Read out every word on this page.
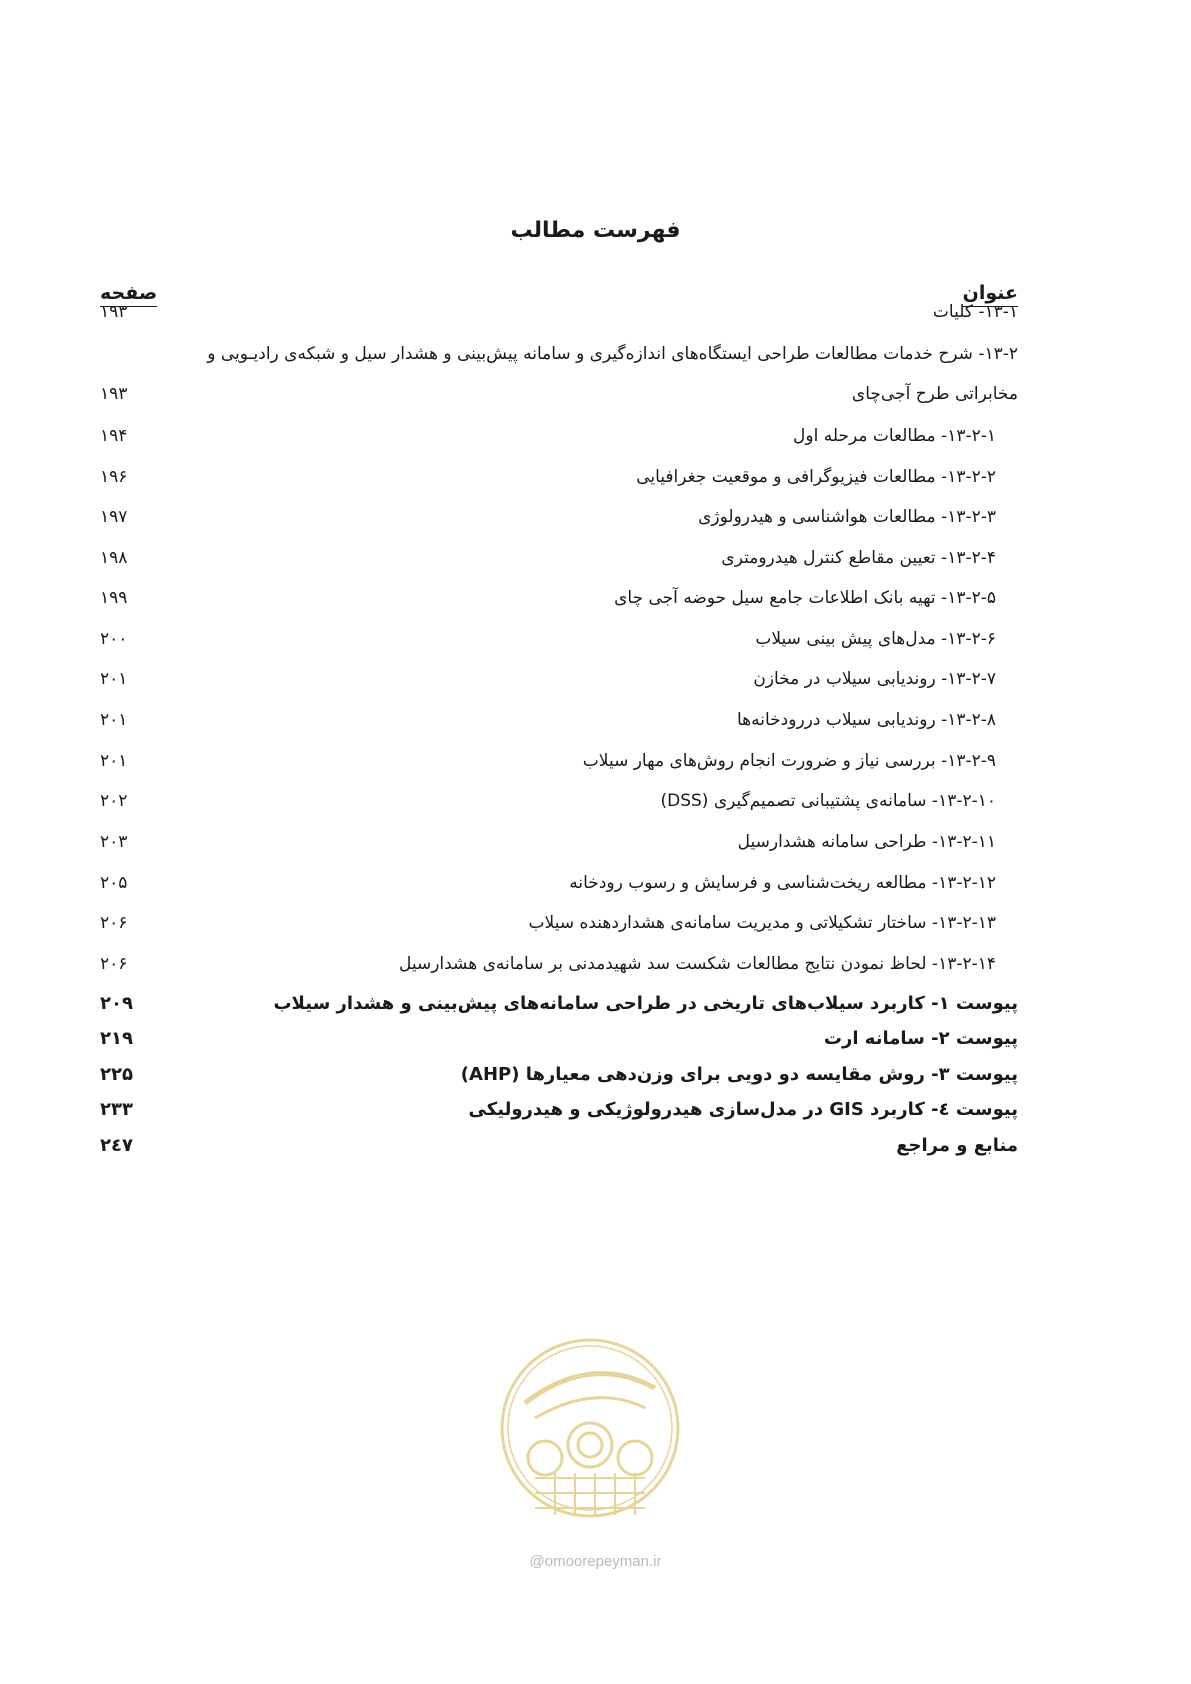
فهرست مطالب
عنوان
صفحه
۱۳-۱- کلیات
۱۹۳
۱۳-۲- شرح خدمات مطالعات طراحی ایستگاه‌های اندازه‌گیری و سامانه پیش‌بینی و هشدار سیل و شبکه‌ی رادیـویی و
مخابراتی طرح آجی‌چای
۱۹۳
۱۳-۲-۱- مطالعات مرحله اول
۱۹۴
۱۳-۲-۲- مطالعات فیزیوگرافی و موقعیت جغرافیایی
۱۹۶
۱۳-۲-۳- مطالعات هواشناسی و هیدرولوژی
۱۹۷
۱۳-۲-۴- تعیین مقاطع کنترل هیدرومتری
۱۹۸
۱۳-۲-۵- تهیه بانک اطلاعات جامع سیل حوضه آجی چای
۱۹۹
۱۳-۲-۶- مدل‌های پیش بینی سیلاب
۲۰۰
۱۳-۲-۷- روندیابی سیلاب در مخازن
۲۰۱
۱۳-۲-۸- روندیابی سیلاب دررودخانه‌ها
۲۰۱
۱۳-۲-۹- بررسی نیاز و ضرورت انجام روش‌های مهار سیلاب
۲۰۱
۱۳-۲-۱۰- سامانه‌ی پشتیبانی تصمیم‌گیری (DSS)
۲۰۲
۱۳-۲-۱۱- طراحی سامانه هشدارسیل
۲۰۳
۱۳-۲-۱۲- مطالعه ریخت‌شناسی و فرسایش و رسوب رودخانه
۲۰۵
۱۳-۲-۱۳- ساختار تشکیلاتی و مدیریت سامانه‌ی هشداردهنده سیلاب
۲۰۶
۱۳-۲-۱۴- لحاظ نمودن نتایج مطالعات شکست سد شهیدمدنی بر سامانه‌ی هشدارسیل
۲۰۶
پیوست ۱- کاربرد سیلاب‌های تاریخی در طراحی سامانه‌های پیش‌بینی و هشدار سیلاب
۲۰۹
پیوست ۲- سامانه ارت
۲۱۹
پیوست ۳- روش مقایسه دو دویی برای وزن‌دهی معیارها (AHP)
۲۲۵
پیوست ٤- کاربرد GIS در مدل‌سازی هیدرولوژیکی و هیدرولیکی
۲۳۳
منابع و مراجع
۲٤۷
@omoorepeyman.ir
